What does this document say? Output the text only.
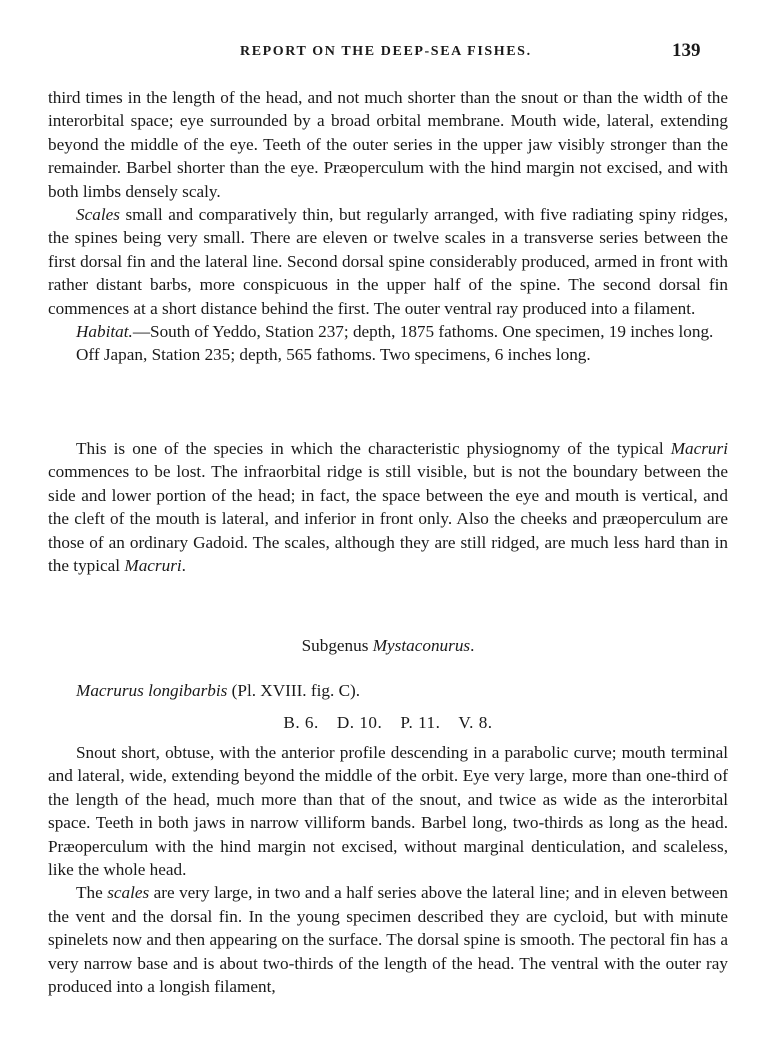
REPORT ON THE DEEP-SEA FISHES.	139

third times in the length of the head, and not much shorter than the snout or than the width of the interorbital space; eye surrounded by a broad orbital membrane. Mouth wide, lateral, extending beyond the middle of the eye. Teeth of the outer series in the upper jaw visibly stronger than the remainder. Barbel shorter than the eye. Præoperculum with the hind margin not excised, and with both limbs densely scaly.

Scales small and comparatively thin, but regularly arranged, with five radiating spiny ridges, the spines being very small. There are eleven or twelve scales in a transverse series between the first dorsal fin and the lateral line. Second dorsal spine considerably produced, armed in front with rather distant barbs, more conspicuous in the upper half of the spine. The second dorsal fin commences at a short distance behind the first. The outer ventral ray produced into a filament.

Habitat.—South of Yeddo, Station 237; depth, 1875 fathoms. One specimen, 19 inches long.

Off Japan, Station 235; depth, 565 fathoms. Two specimens, 6 inches long.

This is one of the species in which the characteristic physiognomy of the typical Macruri commences to be lost. The infraorbital ridge is still visible, but is not the boundary between the side and lower portion of the head; in fact, the space between the eye and mouth is vertical, and the cleft of the mouth is lateral, and inferior in front only. Also the cheeks and præoperculum are those of an ordinary Gadoid. The scales, although they are still ridged, are much less hard than in the typical Macruri.

Subgenus Mystaconurus.
Macrurus longibarbis (Pl. XVIII. fig. C).
B. 6. D. 10. P. 11. V. 8.

Snout short, obtuse, with the anterior profile descending in a parabolic curve; mouth terminal and lateral, wide, extending beyond the middle of the orbit. Eye very large, more than one-third of the length of the head, much more than that of the snout, and twice as wide as the interorbital space. Teeth in both jaws in narrow villiform bands. Barbel long, two-thirds as long as the head. Præoperculum with the hind margin not excised, without marginal denticulation, and scaleless, like the whole head.

The scales are very large, in two and a half series above the lateral line; and in eleven between the vent and the dorsal fin. In the young specimen described they are cycloid, but with minute spinelets now and then appearing on the surface. The dorsal spine is smooth. The pectoral fin has a very narrow base and is about two-thirds of the length of the head. The ventral with the outer ray produced into a longish filament,
